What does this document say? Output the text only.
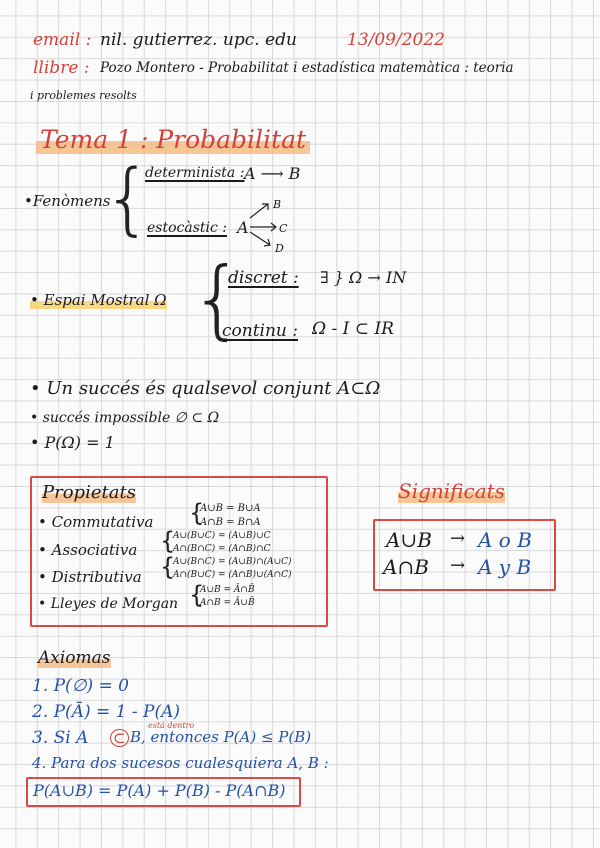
email : nil. gutierrez. upc. edu	13/09/2022
llibre : Pozo Montero - Probabilitat i estadística matemàtica : teoria
i problemes resolts
Tema 1 : Probabilitat
•Fenòmens
{
determinista : A ⟶ B
estocàstic : A
B
C
D
• Espai Mostral Ω {
discret : ∃ } Ω → IN
continu : Ω - I ⊂ IR
• Un succés és qualsevol conjunt A⊂Ω
• succés impossible ∅ ⊂ Ω
• P(Ω) = 1
Propietats
• Commutativa
A∪B = B∪A
A∩B = B∩A
{
• Associativa
A∪(B∪C) = (A∪B)∪C
A∩(B∩C) = (A∩B)∩C
{
• Distributiva
A∪(B∩C) = (A∪B)∩(A∪C)
A∩(B∪C) = (A∩B)∪(A∩C)
{
• Lleyes de Morgan
A∪B = Ā∩B̄
A∩B = Ā∪B̄
{
Significats
A∪B → A o B
A∩B → A y B
Axiomas
1. P(∅) = 0
2. P(Ā) = 1 - P(A)
3. Si A ⊂ B, entonces P(A) ≤ P(B)
está dentro
4. Para dos sucesos cualesquiera A, B :
P(A∪B) = P(A) + P(B) - P(A∩B)
